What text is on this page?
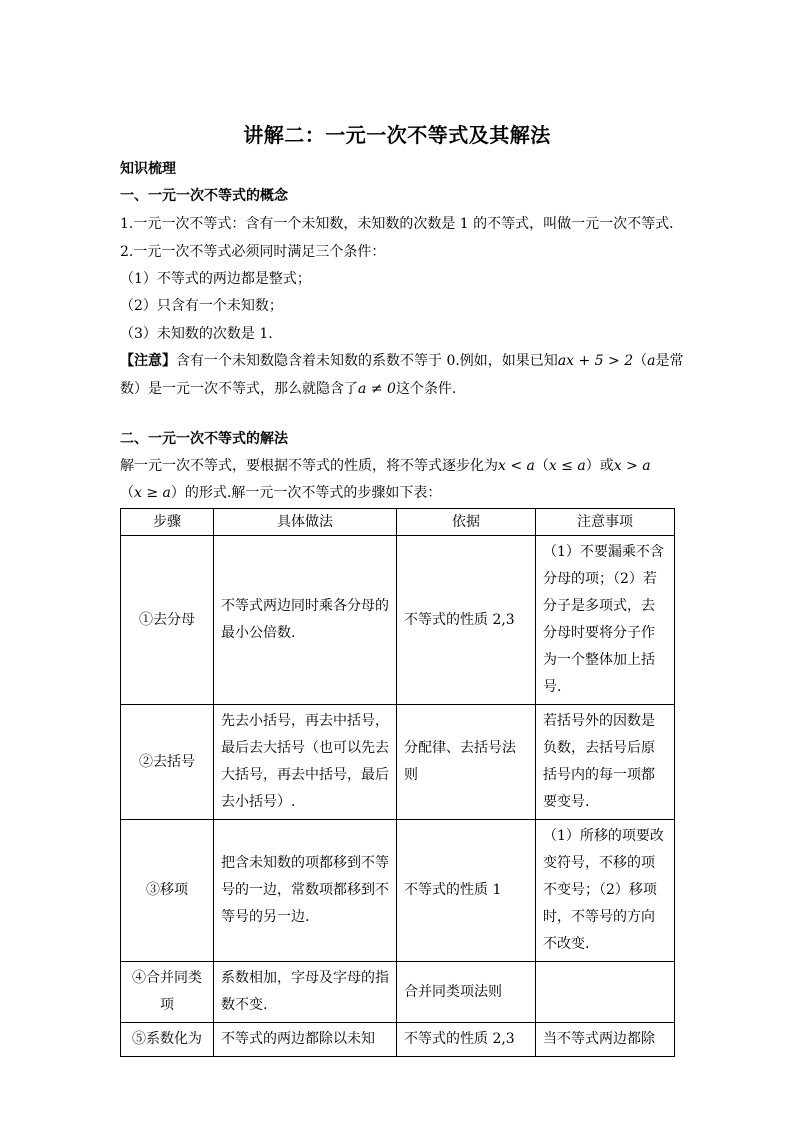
讲解二：一元一次不等式及其解法
知识梳理
一、一元一次不等式的概念
1.一元一次不等式：含有一个未知数，未知数的次数是 1 的不等式，叫做一元一次不等式.
2.一元一次不等式必须同时满足三个条件：
（1）不等式的两边都是整式；
（2）只含有一个未知数；
（3）未知数的次数是 1.
【注意】含有一个未知数隐含着未知数的系数不等于 0.例如，如果已知ax + 5 > 2（a是常
数）是一元一次不等式，那么就隐含了a ≠ 0这个条件.
二、一元一次不等式的解法
解一元一次不等式，要根据不等式的性质，将不等式逐步化为x < a（x ≤ a）或x > a
（x ≥ a）的形式.解一元一次不等式的步骤如下表：
步骤	具体做法	依据	注意事项
①去分母	不等式两边同时乘各分母的最小公倍数.	不等式的性质 2,3	（1）不要漏乘不含分母的项；（2）若分子是多项式，去分母时要将分子作为一个整体加上括号.
②去括号	先去小括号，再去中括号，最后去大括号（也可以先去大括号，再去中括号，最后去小括号）.	分配律、去括号法则	若括号外的因数是负数，去括号后原括号内的每一项都要变号.
③移项	把含未知数的项都移到不等号的一边，常数项都移到不等号的另一边.	不等式的性质 1	（1）所移的项要改变符号，不移的项不变号；（2）移项时，不等号的方向不改变.
④合并同类项	系数相加，字母及字母的指数不变.	合并同类项法则	
⑤系数化为	不等式的两边都除以未知	不等式的性质 2,3	当不等式两边都除
